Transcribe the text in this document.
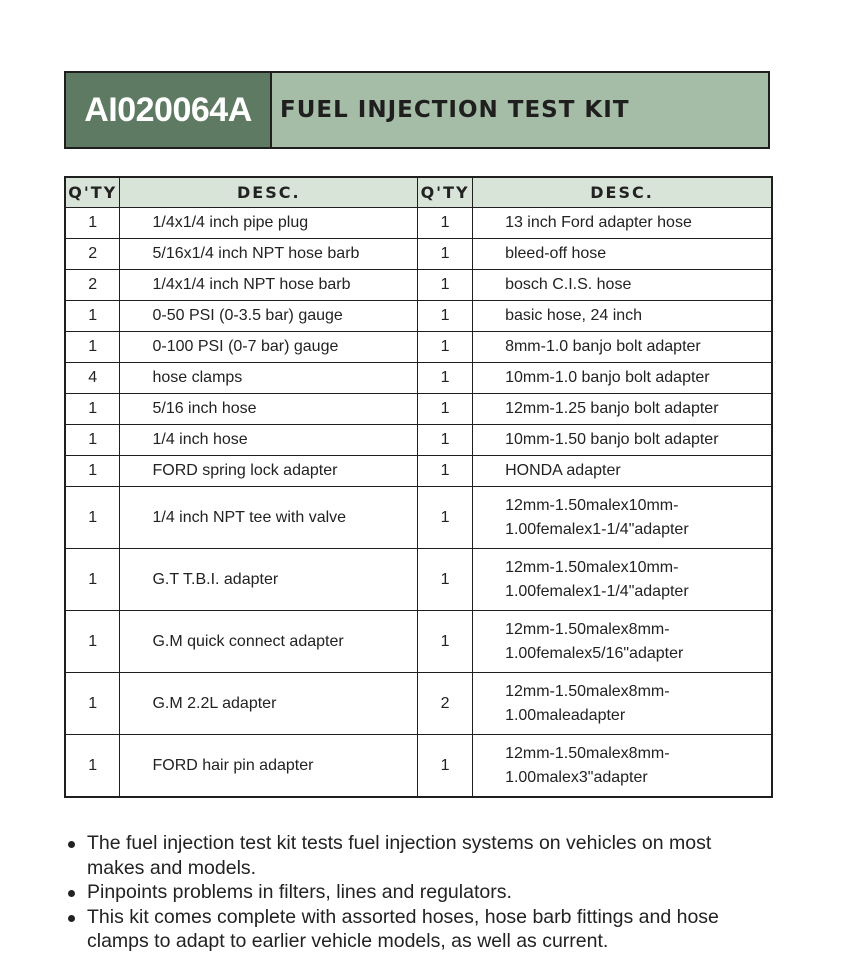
AI020064A	FUEL INJECTION TEST KIT
Q'TY	DESC.	Q'TY	DESC.
1	1/4x1/4 inch pipe plug	1	13 inch Ford adapter hose
2	5/16x1/4 inch NPT hose barb	1	bleed-off hose
2	1/4x1/4 inch NPT hose barb	1	bosch C.I.S. hose
1	0-50 PSI (0-3.5 bar) gauge	1	basic hose, 24 inch
1	0-100 PSI (0-7 bar) gauge	1	8mm-1.0 banjo bolt adapter
4	hose clamps	1	10mm-1.0 banjo bolt adapter
1	5/16 inch hose	1	12mm-1.25 banjo bolt adapter
1	1/4 inch hose	1	10mm-1.50 banjo bolt adapter
1	FORD spring lock adapter	1	HONDA adapter
1	1/4 inch NPT tee with valve	1	12mm-1.50malex10mm-
1.00femalex1-1/4"adapter
1	G.T T.B.I. adapter	1	12mm-1.50malex10mm-
1.00femalex1-1/4"adapter
1	G.M quick connect adapter	1	12mm-1.50malex8mm-
1.00femalex5/16"adapter
1	G.M 2.2L adapter	2	12mm-1.50malex8mm-
1.00maleadapter
1	FORD hair pin adapter	1	12mm-1.50malex8mm-
1.00malex3"adapter
The fuel injection test kit tests fuel injection systems on vehicles on most
makes and models.
Pinpoints problems in filters, lines and regulators.
This kit comes complete with assorted hoses, hose barb fittings and hose
clamps to adapt to earlier vehicle models, as well as current.
